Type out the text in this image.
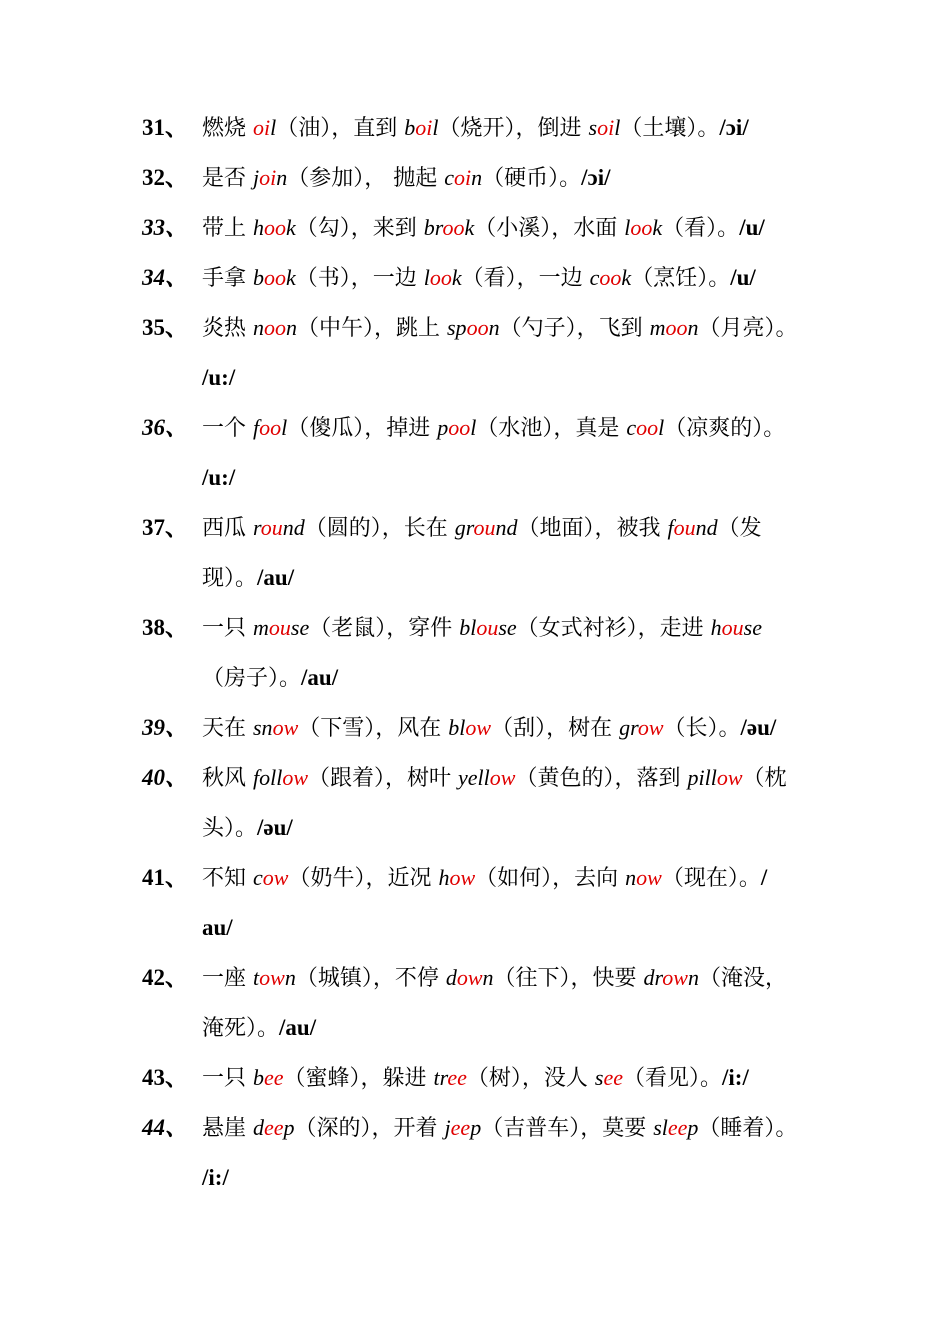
31、 燃烧 oil（油），直到 boil（烧开），倒进 soil（土壤）。/ɔi/
32、 是否 join（参加）， 抛起 coin（硬币）。/ɔi/
33、 带上 hook（勾），来到 brook（小溪），水面 look（看）。/u/
34、 手拿 book（书），一边 look（看），一边 cook（烹饪）。/u/
35、 炎热 noon（中午），跳上 spoon（勺子），飞到 moon（月亮）。
/u:/
36、 一个 fool（傻瓜），掉进 pool（水池），真是 cool（凉爽的）。
/u:/
37、 西瓜 round（圆的），长在 ground（地面），被我 found（发
现）。/au/
38、 一只 mouse（老鼠），穿件 blouse（女式衬衫），走进 house
（房子）。/au/
39、 天在 snow（下雪），风在 blow（刮），树在 grow（长）。/əu/
40、 秋风 follow（跟着），树叶 yellow（黄色的），落到 pillow（枕
头）。/əu/
41、 不知 cow（奶牛），近况 how（如何），去向 now（现在）。/
au/
42、 一座 town（城镇），不停 down（往下），快要 drown（淹没，
淹死）。/au/
43、 一只 bee（蜜蜂），躲进 tree（树），没人 see（看见）。/i:/
44、 悬崖 deep（深的），开着 jeep（吉普车），莫要 sleep（睡着）。
/i:/
